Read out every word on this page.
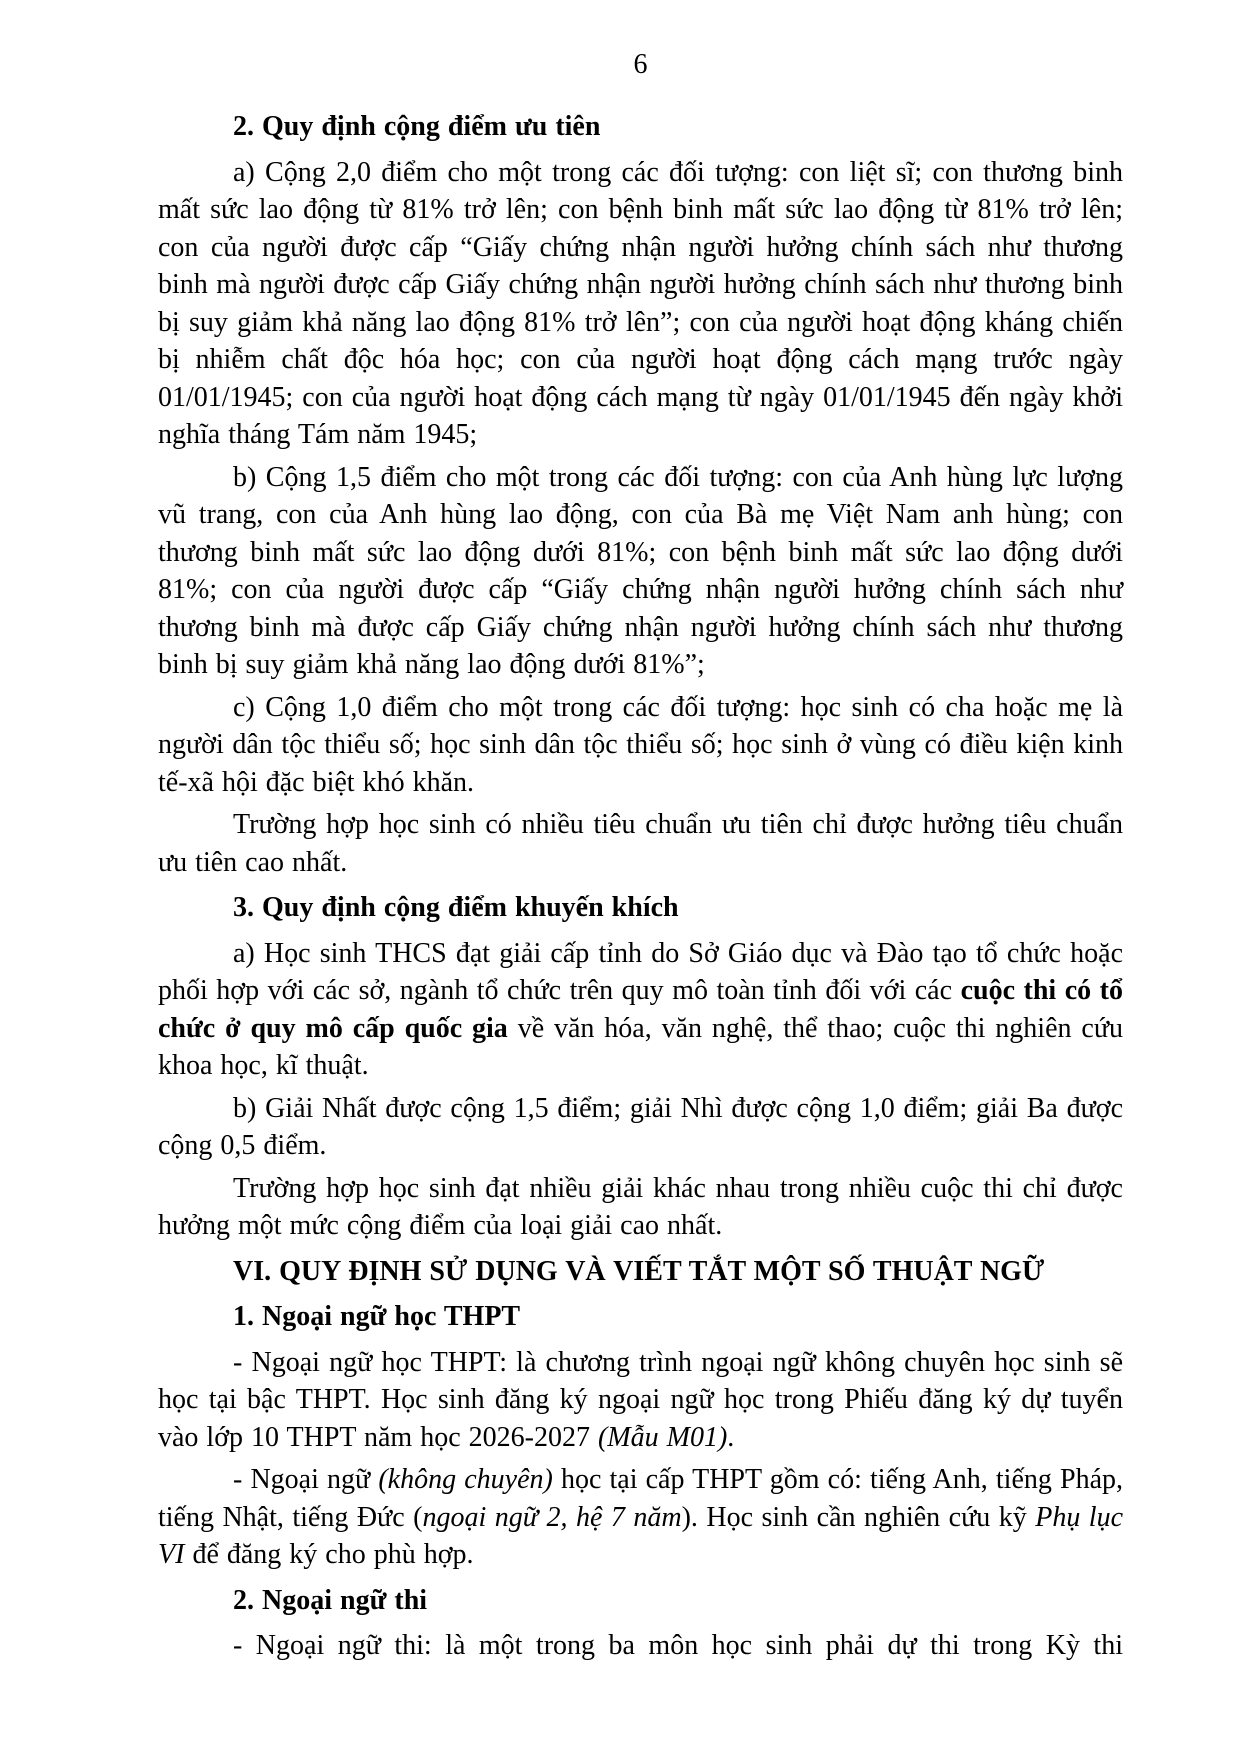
6

2. Quy định cộng điểm ưu tiên

a) Cộng 2,0 điểm cho một trong các đối tượng: con liệt sĩ; con thương binh mất sức lao động từ 81% trở lên; con bệnh binh mất sức lao động từ 81% trở lên; con của người được cấp “Giấy chứng nhận người hưởng chính sách như thương binh mà người được cấp Giấy chứng nhận người hưởng chính sách như thương binh bị suy giảm khả năng lao động 81% trở lên”; con của người hoạt động kháng chiến bị nhiễm chất độc hóa học; con của người hoạt động cách mạng trước ngày 01/01/1945; con của người hoạt động cách mạng từ ngày 01/01/1945 đến ngày khởi nghĩa tháng Tám năm 1945;

b) Cộng 1,5 điểm cho một trong các đối tượng: con của Anh hùng lực lượng vũ trang, con của Anh hùng lao động, con của Bà mẹ Việt Nam anh hùng; con thương binh mất sức lao động dưới 81%; con bệnh binh mất sức lao động dưới 81%; con của người được cấp “Giấy chứng nhận người hưởng chính sách như thương binh mà được cấp Giấy chứng nhận người hưởng chính sách như thương binh bị suy giảm khả năng lao động dưới 81%”;

c) Cộng 1,0 điểm cho một trong các đối tượng: học sinh có cha hoặc mẹ là người dân tộc thiểu số; học sinh dân tộc thiểu số; học sinh ở vùng có điều kiện kinh tế-xã hội đặc biệt khó khăn.

Trường hợp học sinh có nhiều tiêu chuẩn ưu tiên chỉ được hưởng tiêu chuẩn ưu tiên cao nhất.

3. Quy định cộng điểm khuyến khích

a) Học sinh THCS đạt giải cấp tỉnh do Sở Giáo dục và Đào tạo tổ chức hoặc phối hợp với các sở, ngành tổ chức trên quy mô toàn tỉnh đối với các cuộc thi có tổ chức ở quy mô cấp quốc gia về văn hóa, văn nghệ, thể thao; cuộc thi nghiên cứu khoa học, kĩ thuật.

b) Giải Nhất được cộng 1,5 điểm; giải Nhì được cộng 1,0 điểm; giải Ba được cộng 0,5 điểm.

Trường hợp học sinh đạt nhiều giải khác nhau trong nhiều cuộc thi chỉ được hưởng một mức cộng điểm của loại giải cao nhất.

VI. QUY ĐỊNH SỬ DỤNG VÀ VIẾT TẮT MỘT SỐ THUẬT NGỮ

1. Ngoại ngữ học THPT

- Ngoại ngữ học THPT: là chương trình ngoại ngữ không chuyên học sinh sẽ học tại bậc THPT. Học sinh đăng ký ngoại ngữ học trong Phiếu đăng ký dự tuyển vào lớp 10 THPT năm học 2026-2027 (Mẫu M01).

- Ngoại ngữ (không chuyên) học tại cấp THPT gồm có: tiếng Anh, tiếng Pháp, tiếng Nhật, tiếng Đức (ngoại ngữ 2, hệ 7 năm). Học sinh cần nghiên cứu kỹ Phụ lục VI để đăng ký cho phù hợp.

2. Ngoại ngữ thi

- Ngoại ngữ thi: là một trong ba môn học sinh phải dự thi trong Kỳ thi
